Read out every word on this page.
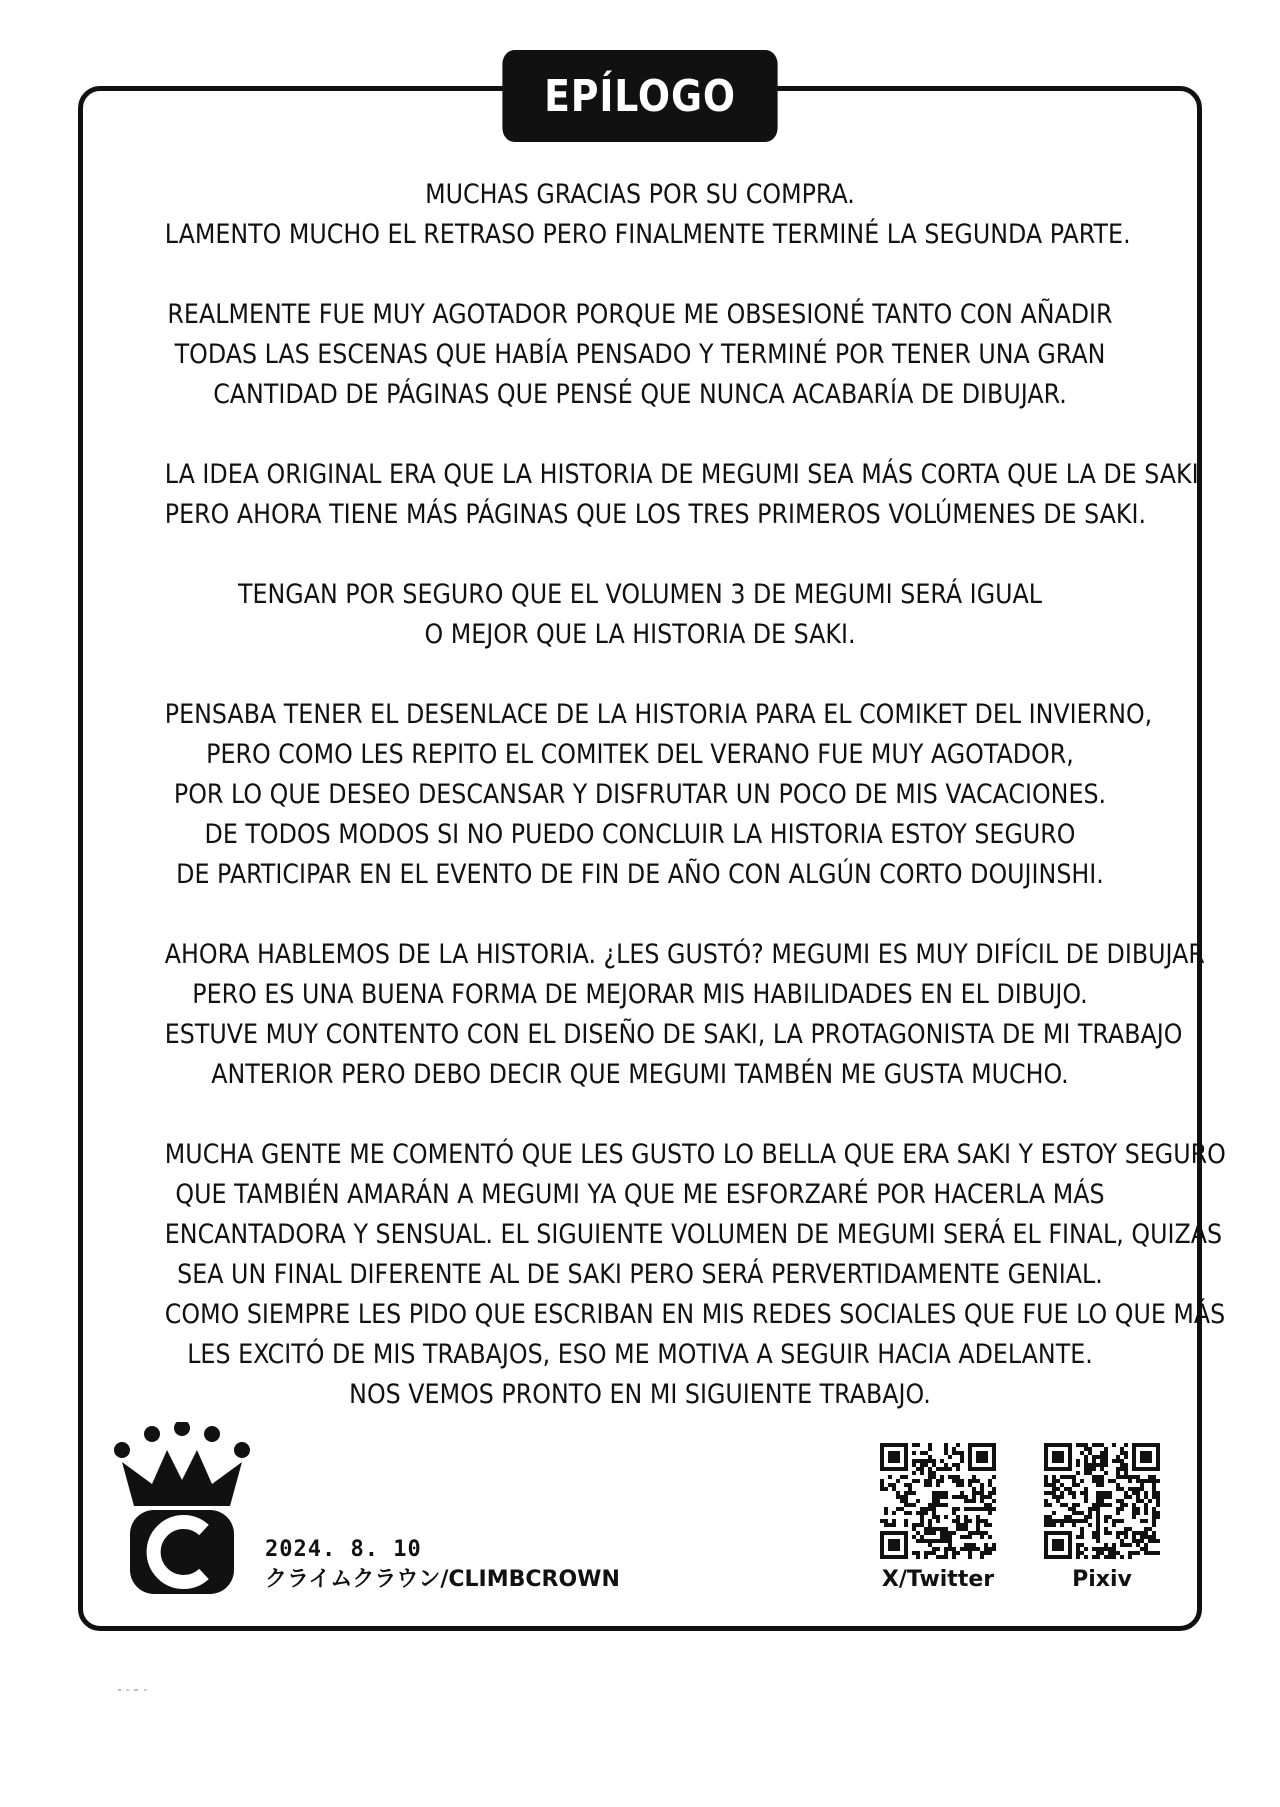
EPÍLOGO
MUCHAS GRACIAS POR SU COMPRA.
LAMENTO MUCHO EL RETRASO PERO FINALMENTE TERMINÉ LA SEGUNDA PARTE.
REALMENTE FUE MUY AGOTADOR PORQUE ME OBSESIONÉ TANTO CON AÑADIR
TODAS LAS ESCENAS QUE HABÍA PENSADO Y TERMINÉ POR TENER UNA GRAN
CANTIDAD DE PÁGINAS QUE PENSÉ QUE NUNCA ACABARÍA DE DIBUJAR.
LA IDEA ORIGINAL ERA QUE LA HISTORIA DE MEGUMI SEA MÁS CORTA QUE LA DE SAKI
PERO AHORA TIENE MÁS PÁGINAS QUE LOS TRES PRIMEROS VOLÚMENES DE SAKI.
TENGAN POR SEGURO QUE EL VOLUMEN 3 DE MEGUMI SERÁ IGUAL
O MEJOR QUE LA HISTORIA DE SAKI.
PENSABA TENER EL DESENLACE DE LA HISTORIA PARA EL COMIKET DEL INVIERNO,
PERO COMO LES REPITO EL COMITEK DEL VERANO FUE MUY AGOTADOR,
POR LO QUE DESEO DESCANSAR Y DISFRUTAR UN POCO DE MIS VACACIONES.
DE TODOS MODOS SI NO PUEDO CONCLUIR LA HISTORIA ESTOY SEGURO
DE PARTICIPAR EN EL EVENTO DE FIN DE AÑO CON ALGÚN CORTO DOUJINSHI.
AHORA HABLEMOS DE LA HISTORIA. ¿LES GUSTÓ? MEGUMI ES MUY DIFÍCIL DE DIBUJAR
PERO ES UNA BUENA FORMA DE MEJORAR MIS HABILIDADES EN EL DIBUJO.
ESTUVE MUY CONTENTO CON EL DISEÑO DE SAKI, LA PROTAGONISTA DE MI TRABAJO
ANTERIOR PERO DEBO DECIR QUE MEGUMI TAMBÉN ME GUSTA MUCHO.
MUCHA GENTE ME COMENTÓ QUE LES GUSTO LO BELLA QUE ERA SAKI Y ESTOY SEGURO
QUE TAMBIÉN AMARÁN A MEGUMI YA QUE ME ESFORZARÉ POR HACERLA MÁS
ENCANTADORA Y SENSUAL. EL SIGUIENTE VOLUMEN DE MEGUMI SERÁ EL FINAL, QUIZÁS
SEA UN FINAL DIFERENTE AL DE SAKI PERO SERÁ PERVERTIDAMENTE GENIAL.
COMO SIEMPRE LES PIDO QUE ESCRIBAN EN MIS REDES SOCIALES QUE FUE LO QUE MÁS
LES EXCITÓ DE MIS TRABAJOS, ESO ME MOTIVA A SEGUIR HACIA ADELANTE.
NOS VEMOS PRONTO EN MI SIGUIENTE TRABAJO.
2024. 8. 10
クライムクラウン/CLIMBCROWN	X/Twitter	Pixiv
